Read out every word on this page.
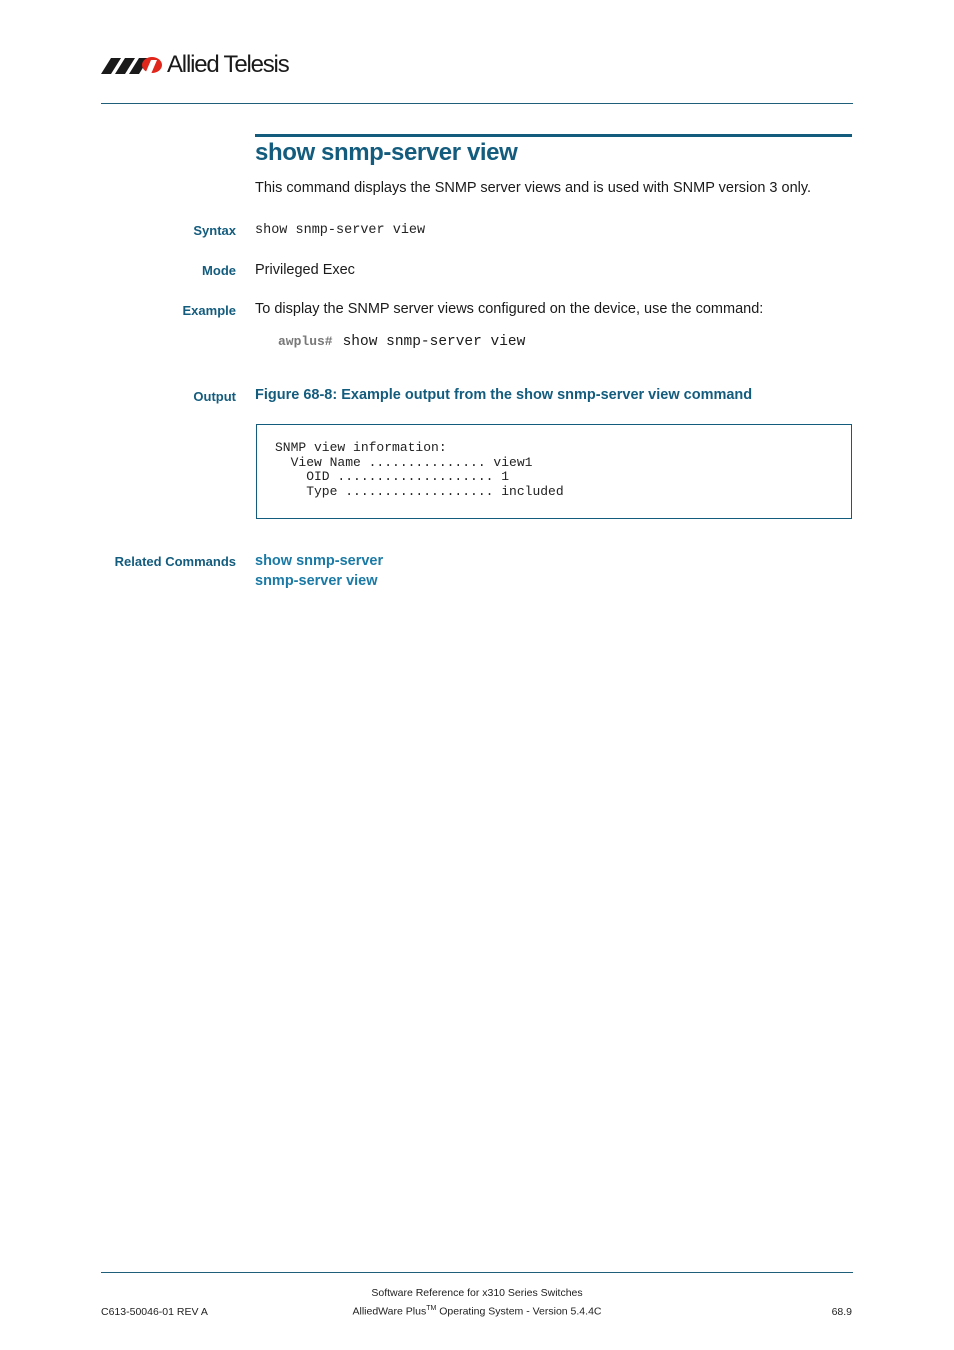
Allied Telesis
show snmp-server view
This command displays the SNMP server views and is used with SNMP version 3 only.
Syntax show snmp-server view
Mode Privileged Exec
Example To display the SNMP server views configured on the device, use the command:
awplus# show snmp-server view
Output Figure 68-8: Example output from the show snmp-server view command
SNMP view information:
View Name ............... view1
OID .................... 1
Type ................... included
Related Commands show snmp-server
snmp-server view
Software Reference for x310 Series Switches
AlliedWare Plus™ Operating System - Version 5.4.4C
C613-50046-01 REV A	68.9
